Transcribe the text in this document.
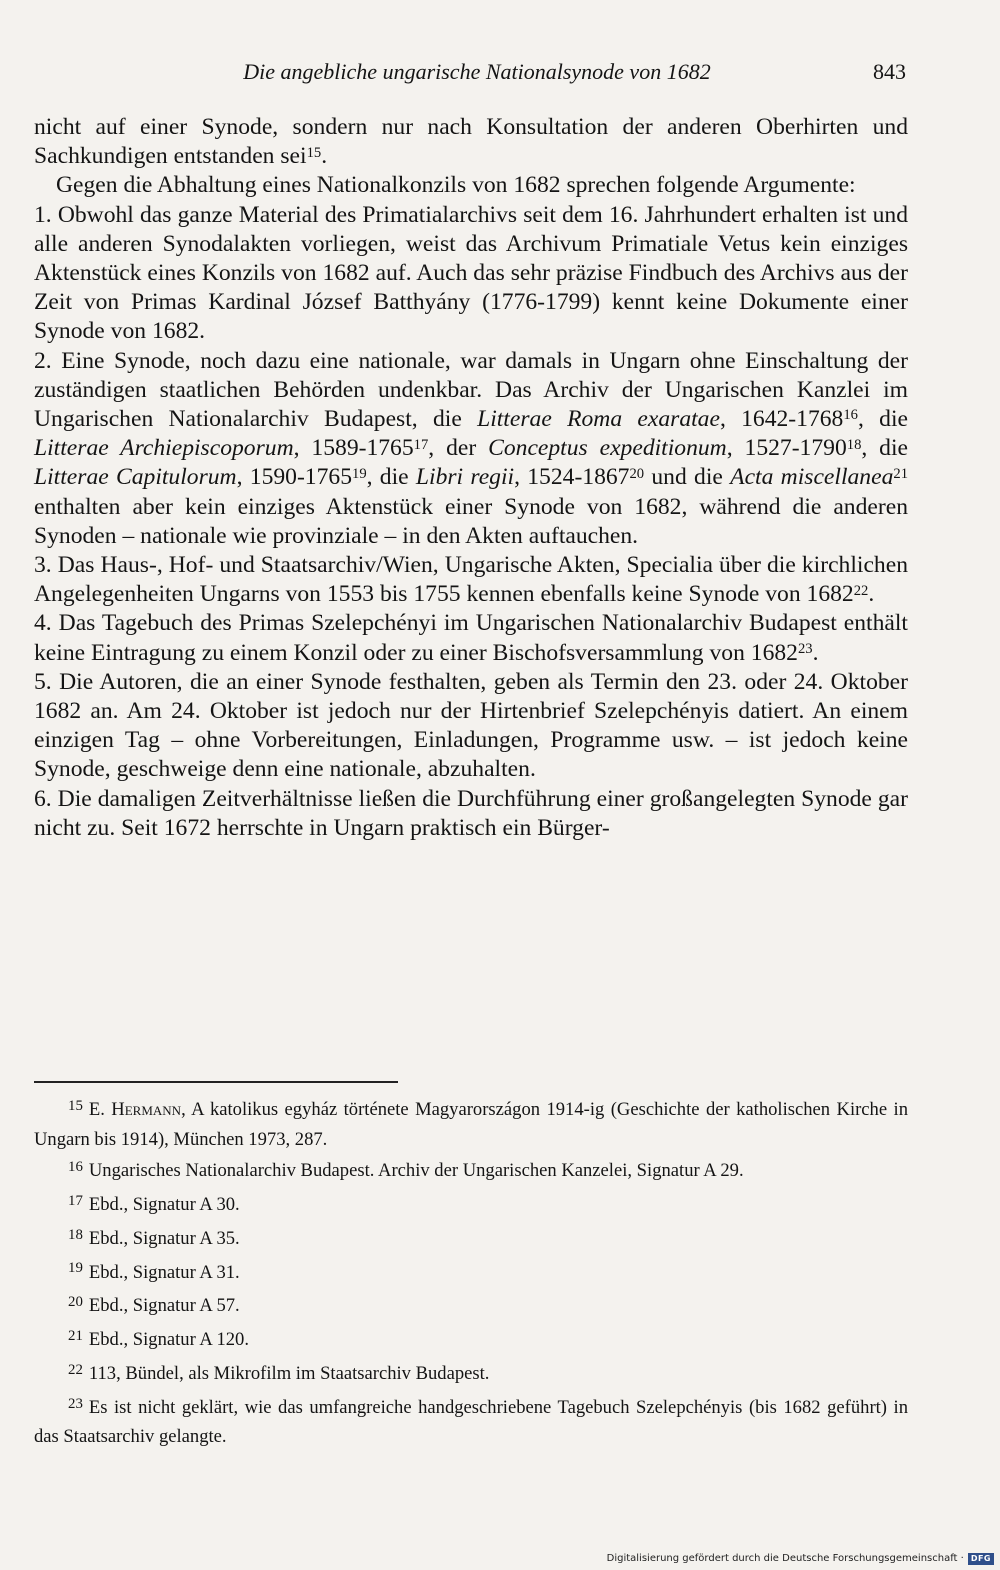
Die angebliche ungarische Nationalsynode von 1682	843

nicht auf einer Synode, sondern nur nach Konsultation der anderen Oberhirten und Sachkundigen entstanden sei$^{15}$.

Gegen die Abhaltung eines Nationalkonzils von 1682 sprechen folgende Argumente:

1. Obwohl das ganze Material des Primatialarchivs seit dem 16. Jahrhundert erhalten ist und alle anderen Synodalakten vorliegen, weist das Archivum Primatiale Vetus kein einziges Aktenstück eines Konzils von 1682 auf. Auch das sehr präzise Findbuch des Archivs aus der Zeit von Primas Kardinal József Batthyány (1776-1799) kennt keine Dokumente einer Synode von 1682.

2. Eine Synode, noch dazu eine nationale, war damals in Ungarn ohne Einschaltung der zuständigen staatlichen Behörden undenkbar. Das Archiv der Ungarischen Kanzlei im Ungarischen Nationalarchiv Budapest, die Litterae Roma exaratae, 1642-1768$^{16}$, die Litterae Archiepiscoporum, 1589-1765$^{17}$, der Conceptus expeditionum, 1527-1790$^{18}$, die Litterae Capitulorum, 1590-1765$^{19}$, die Libri regii, 1524-1867$^{20}$ und die Acta miscellanea$^{21}$ enthalten aber kein einziges Aktenstück einer Synode von 1682, während die anderen Synoden – nationale wie provinziale – in den Akten auftauchen.

3. Das Haus-, Hof- und Staatsarchiv/Wien, Ungarische Akten, Specialia über die kirchlichen Angelegenheiten Ungarns von 1553 bis 1755 kennen ebenfalls keine Synode von 1682$^{22}$.

4. Das Tagebuch des Primas Szelepchényi im Ungarischen Nationalarchiv Budapest enthält keine Eintragung zu einem Konzil oder zu einer Bischofsversammlung von 1682$^{23}$.

5. Die Autoren, die an einer Synode festhalten, geben als Termin den 23. oder 24. Oktober 1682 an. Am 24. Oktober ist jedoch nur der Hirtenbrief Szelepchényis datiert. An einem einzigen Tag – ohne Vorbereitungen, Einladungen, Programme usw. – ist jedoch keine Synode, geschweige denn eine nationale, abzuhalten.

6. Die damaligen Zeitverhältnisse ließen die Durchführung einer großangelegten Synode gar nicht zu. Seit 1672 herrschte in Ungarn praktisch ein Bürger-

$^{15}$ E. Hermann, A katolikus egyház története Magyarországon 1914-ig (Geschichte der katholischen Kirche in Ungarn bis 1914), München 1973, 287.

$^{16}$ Ungarisches Nationalarchiv Budapest. Archiv der Ungarischen Kanzelei, Signatur A 29.

$^{17}$ Ebd., Signatur A 30.

$^{18}$ Ebd., Signatur A 35.

$^{19}$ Ebd., Signatur A 31.

$^{20}$ Ebd., Signatur A 57.

$^{21}$ Ebd., Signatur A 120.

$^{22}$ 113, Bündel, als Mikrofilm im Staatsarchiv Budapest.

$^{23}$ Es ist nicht geklärt, wie das umfangreiche handgeschriebene Tagebuch Szelepchényis (bis 1682 geführt) in das Staatsarchiv gelangte.

Digitalisierung gefördert durch die Deutsche Forschungsgemeinschaft · DFG
